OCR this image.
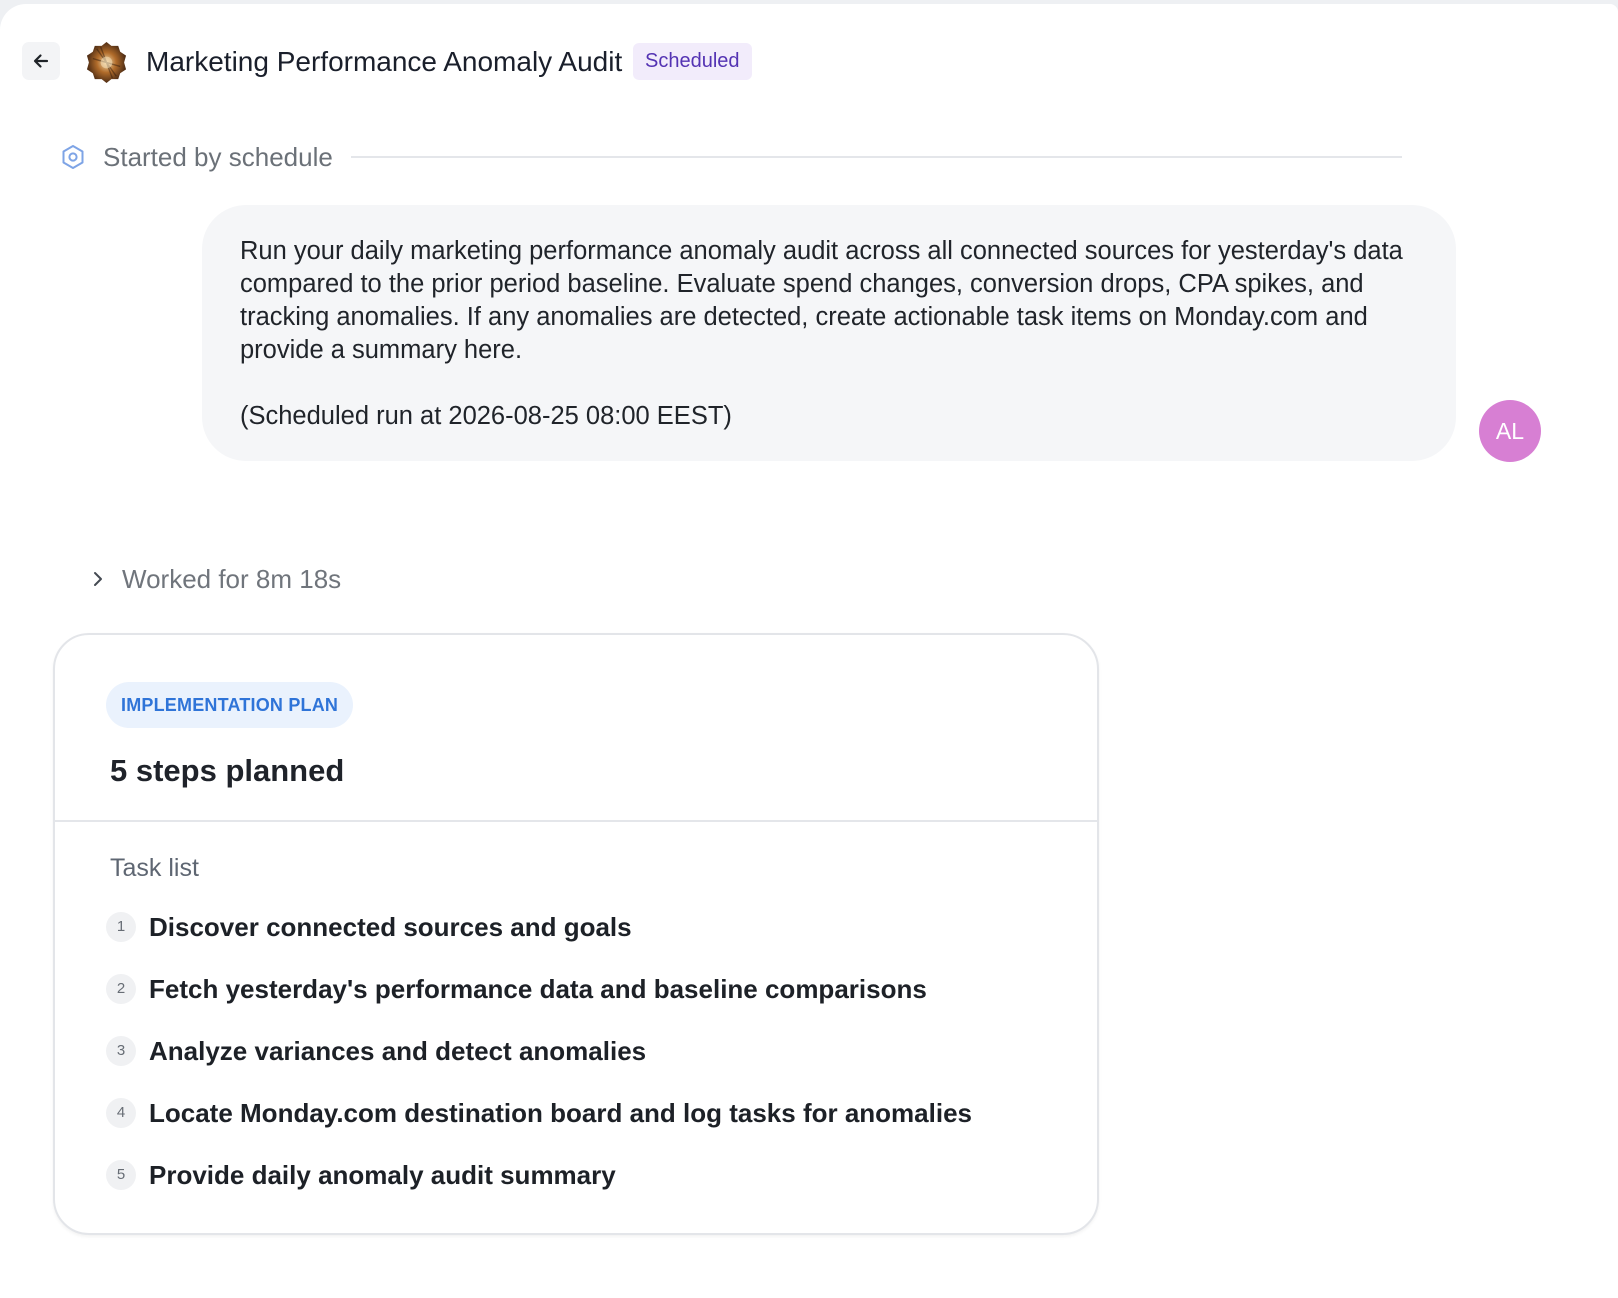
Marketing Performance Anomaly Audit	Scheduled
Started by schedule

Run your daily marketing performance anomaly audit across all connected sources for yesterday's data compared to the prior period baseline. Evaluate spend changes, conversion drops, CPA spikes, and tracking anomalies. If any anomalies are detected, create actionable task items on Monday.com and provide a summary here.

(Scheduled run at 2026-08-25 08:00 EEST)

AL
Worked for 8m 18s
IMPLEMENTATION PLAN
5 steps planned
Task list
1 Discover connected sources and goals
2 Fetch yesterday's performance data and baseline comparisons
3 Analyze variances and detect anomalies
4 Locate Monday.com destination board and log tasks for anomalies
5 Provide daily anomaly audit summary
